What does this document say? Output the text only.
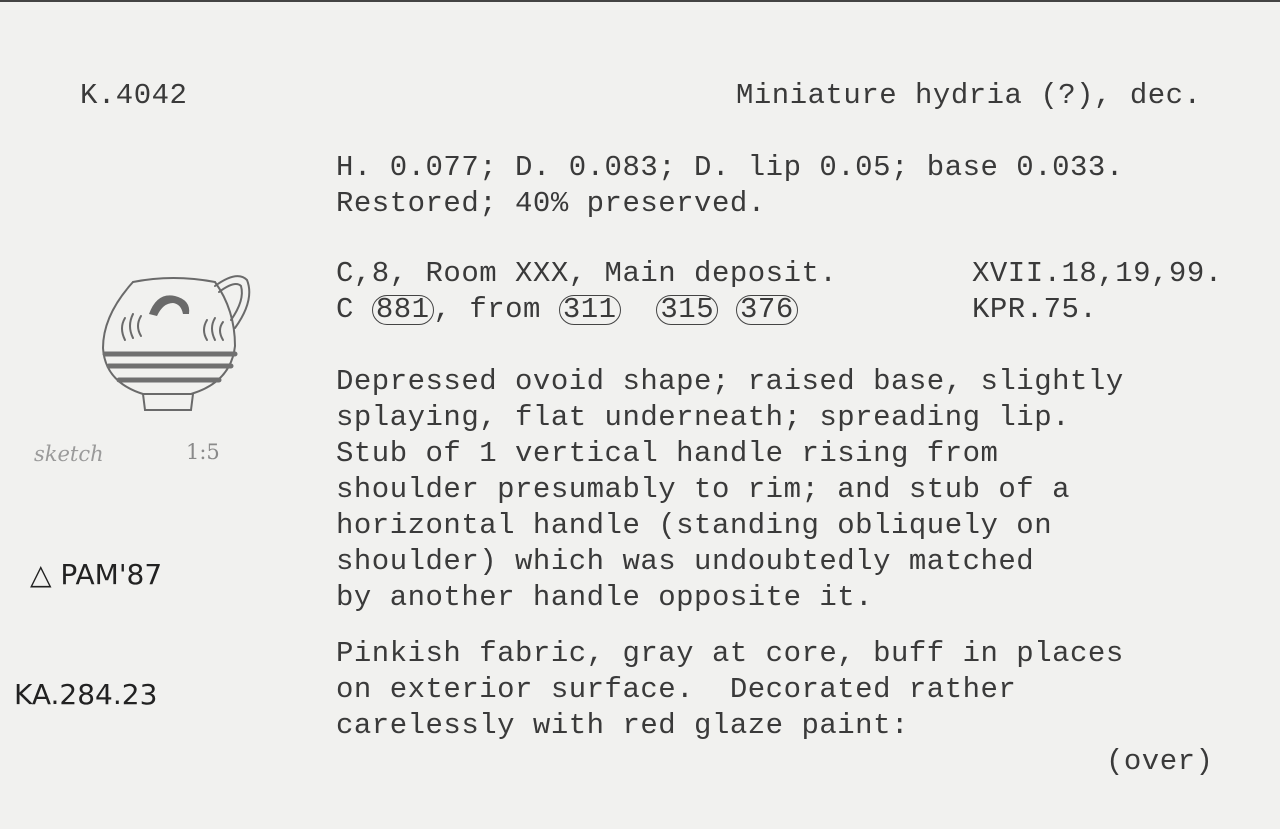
K.4042	Miniature hydria (?), dec.
H. 0.077; D. 0.083; D. lip 0.05; base 0.033.
Restored; 40% preserved.
C,8, Room XXX, Main deposit.	XVII.18,19,99.
C 881 , from 311 315 376	KPR.75.
Depressed ovoid shape; raised base, slightly
splaying, flat underneath; spreading lip.
Stub of 1 vertical handle rising from
shoulder presumably to rim; and stub of a
horizontal handle (standing obliquely on
shoulder) which was undoubtedly matched
by another handle opposite it.
Pinkish fabric, gray at core, buff in places
on exterior surface.  Decorated rather
carelessly with red glaze paint:
(over)
sketch	1:5
△ PAM'87
KA.284.23
